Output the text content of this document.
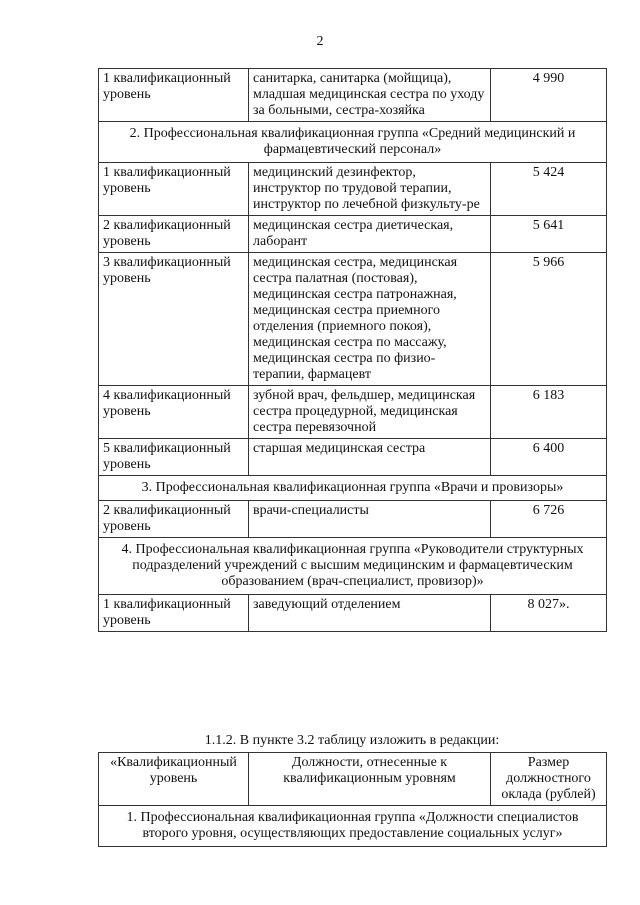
2
1 квалификационный уровень	санитарка, санитарка (мойщица), младшая медицинская сестра по уходу за больными, сестра-хозяйка	4 990
2. Профессиональная квалификационная группа «Средний медицинский и фармацевтический персонал»		
1 квалификационный уровень	медицинский дезинфектор, инструктор по трудовой терапии, инструктор по лечебной физкульту-ре	5 424
2 квалификационный уровень	медицинская сестра диетическая, лаборант	5 641
3 квалификационный уровень	медицинская сестра, медицинская сестра палатная (постовая), медицинская сестра патронажная, медицинская сестра приемного отделения (приемного покоя), медицинская сестра по массажу, медицинская сестра по физио-терапии, фармацевт	5 966
4 квалификационный уровень	зубной врач, фельдшер, медицинская сестра процедурной, медицинская сестра перевязочной	6 183
5 квалификационный уровень	старшая медицинская сестра	6 400
3. Профессиональная квалификационная группа «Врачи и провизоры»		
2 квалификационный уровень	врачи-специалисты	6 726
4. Профессиональная квалификационная группа «Руководители структурных подразделений учреждений с высшим медицинским и фармацевтическим образованием (врач-специалист, провизор)»		
1 квалификационный уровень	заведующий отделением	8 027».
1.1.2. В пункте 3.2 таблицу изложить в редакции:
«Квалификационный уровень	Должности, отнесенные к квалификационным уровням	Размер должностного оклада (рублей)
1. Профессиональная квалификационная группа «Должности специалистов второго уровня, осуществляющих предоставление социальных услуг»
